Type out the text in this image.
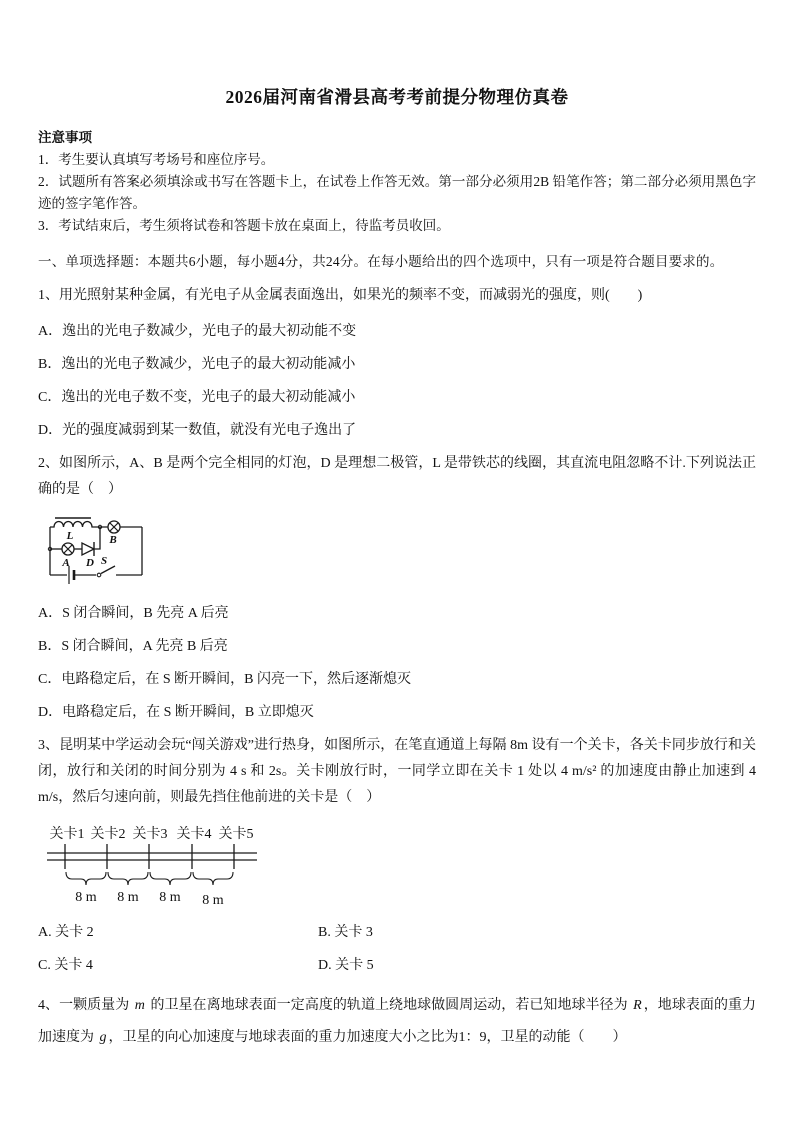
2026届河南省滑县高考考前提分物理仿真卷

注意事项

1．考生要认真填写考场号和座位序号。

2．试题所有答案必须填涂或书写在答题卡上，在试卷上作答无效。第一部分必须用2B 铅笔作答；第二部分必须用黑色字迹的签字笔作答。

3．考试结束后，考生须将试卷和答题卡放在桌面上，待监考员收回。

一、单项选择题：本题共6小题，每小题4分，共24分。在每小题给出的四个选项中，只有一项是符合题目要求的。

1、用光照射某种金属，有光电子从金属表面逸出，如果光的频率不变，而减弱光的强度，则(　　)

A．逸出的光电子数减少，光电子的最大初动能不变

B．逸出的光电子数减少，光电子的最大初动能减小

C．逸出的光电子数不变，光电子的最大初动能减小

D．光的强度减弱到某一数值，就没有光电子逸出了

2、如图所示，A、B 是两个完全相同的灯泡，D 是理想二极管，L 是带铁芯的线圈，其直流电阻忽略不计.下列说法正确的是（　）

L	B
A D S

A．S 闭合瞬间，B 先亮 A 后亮

B．S 闭合瞬间，A 先亮 B 后亮

C．电路稳定后，在 S 断开瞬间，B 闪亮一下，然后逐渐熄灭

D．电路稳定后，在 S 断开瞬间，B 立即熄灭

3、昆明某中学运动会玩“闯关游戏”进行热身，如图所示，在笔直通道上每隔 8m 设有一个关卡，各关卡同步放行和关闭，放行和关闭的时间分别为 4 s 和 2s。关卡刚放行时，一同学立即在关卡 1 处以 4 m/s² 的加速度由静止加速到 4 m/s，然后匀速向前，则最先挡住他前进的关卡是（　）

关卡1 关卡2 关卡3 关卡4 关卡5
8 m 8 m 8 m 8 m

A. 关卡 2	B. 关卡 3

C. 关卡 4	D. 关卡 5

4、一颗质量为 m 的卫星在离地球表面一定高度的轨道上绕地球做圆周运动，若已知地球半径为 R ，地球表面的重力加速度为 g ，卫星的向心加速度与地球表面的重力加速度大小之比为1：9，卫星的动能（　　）
